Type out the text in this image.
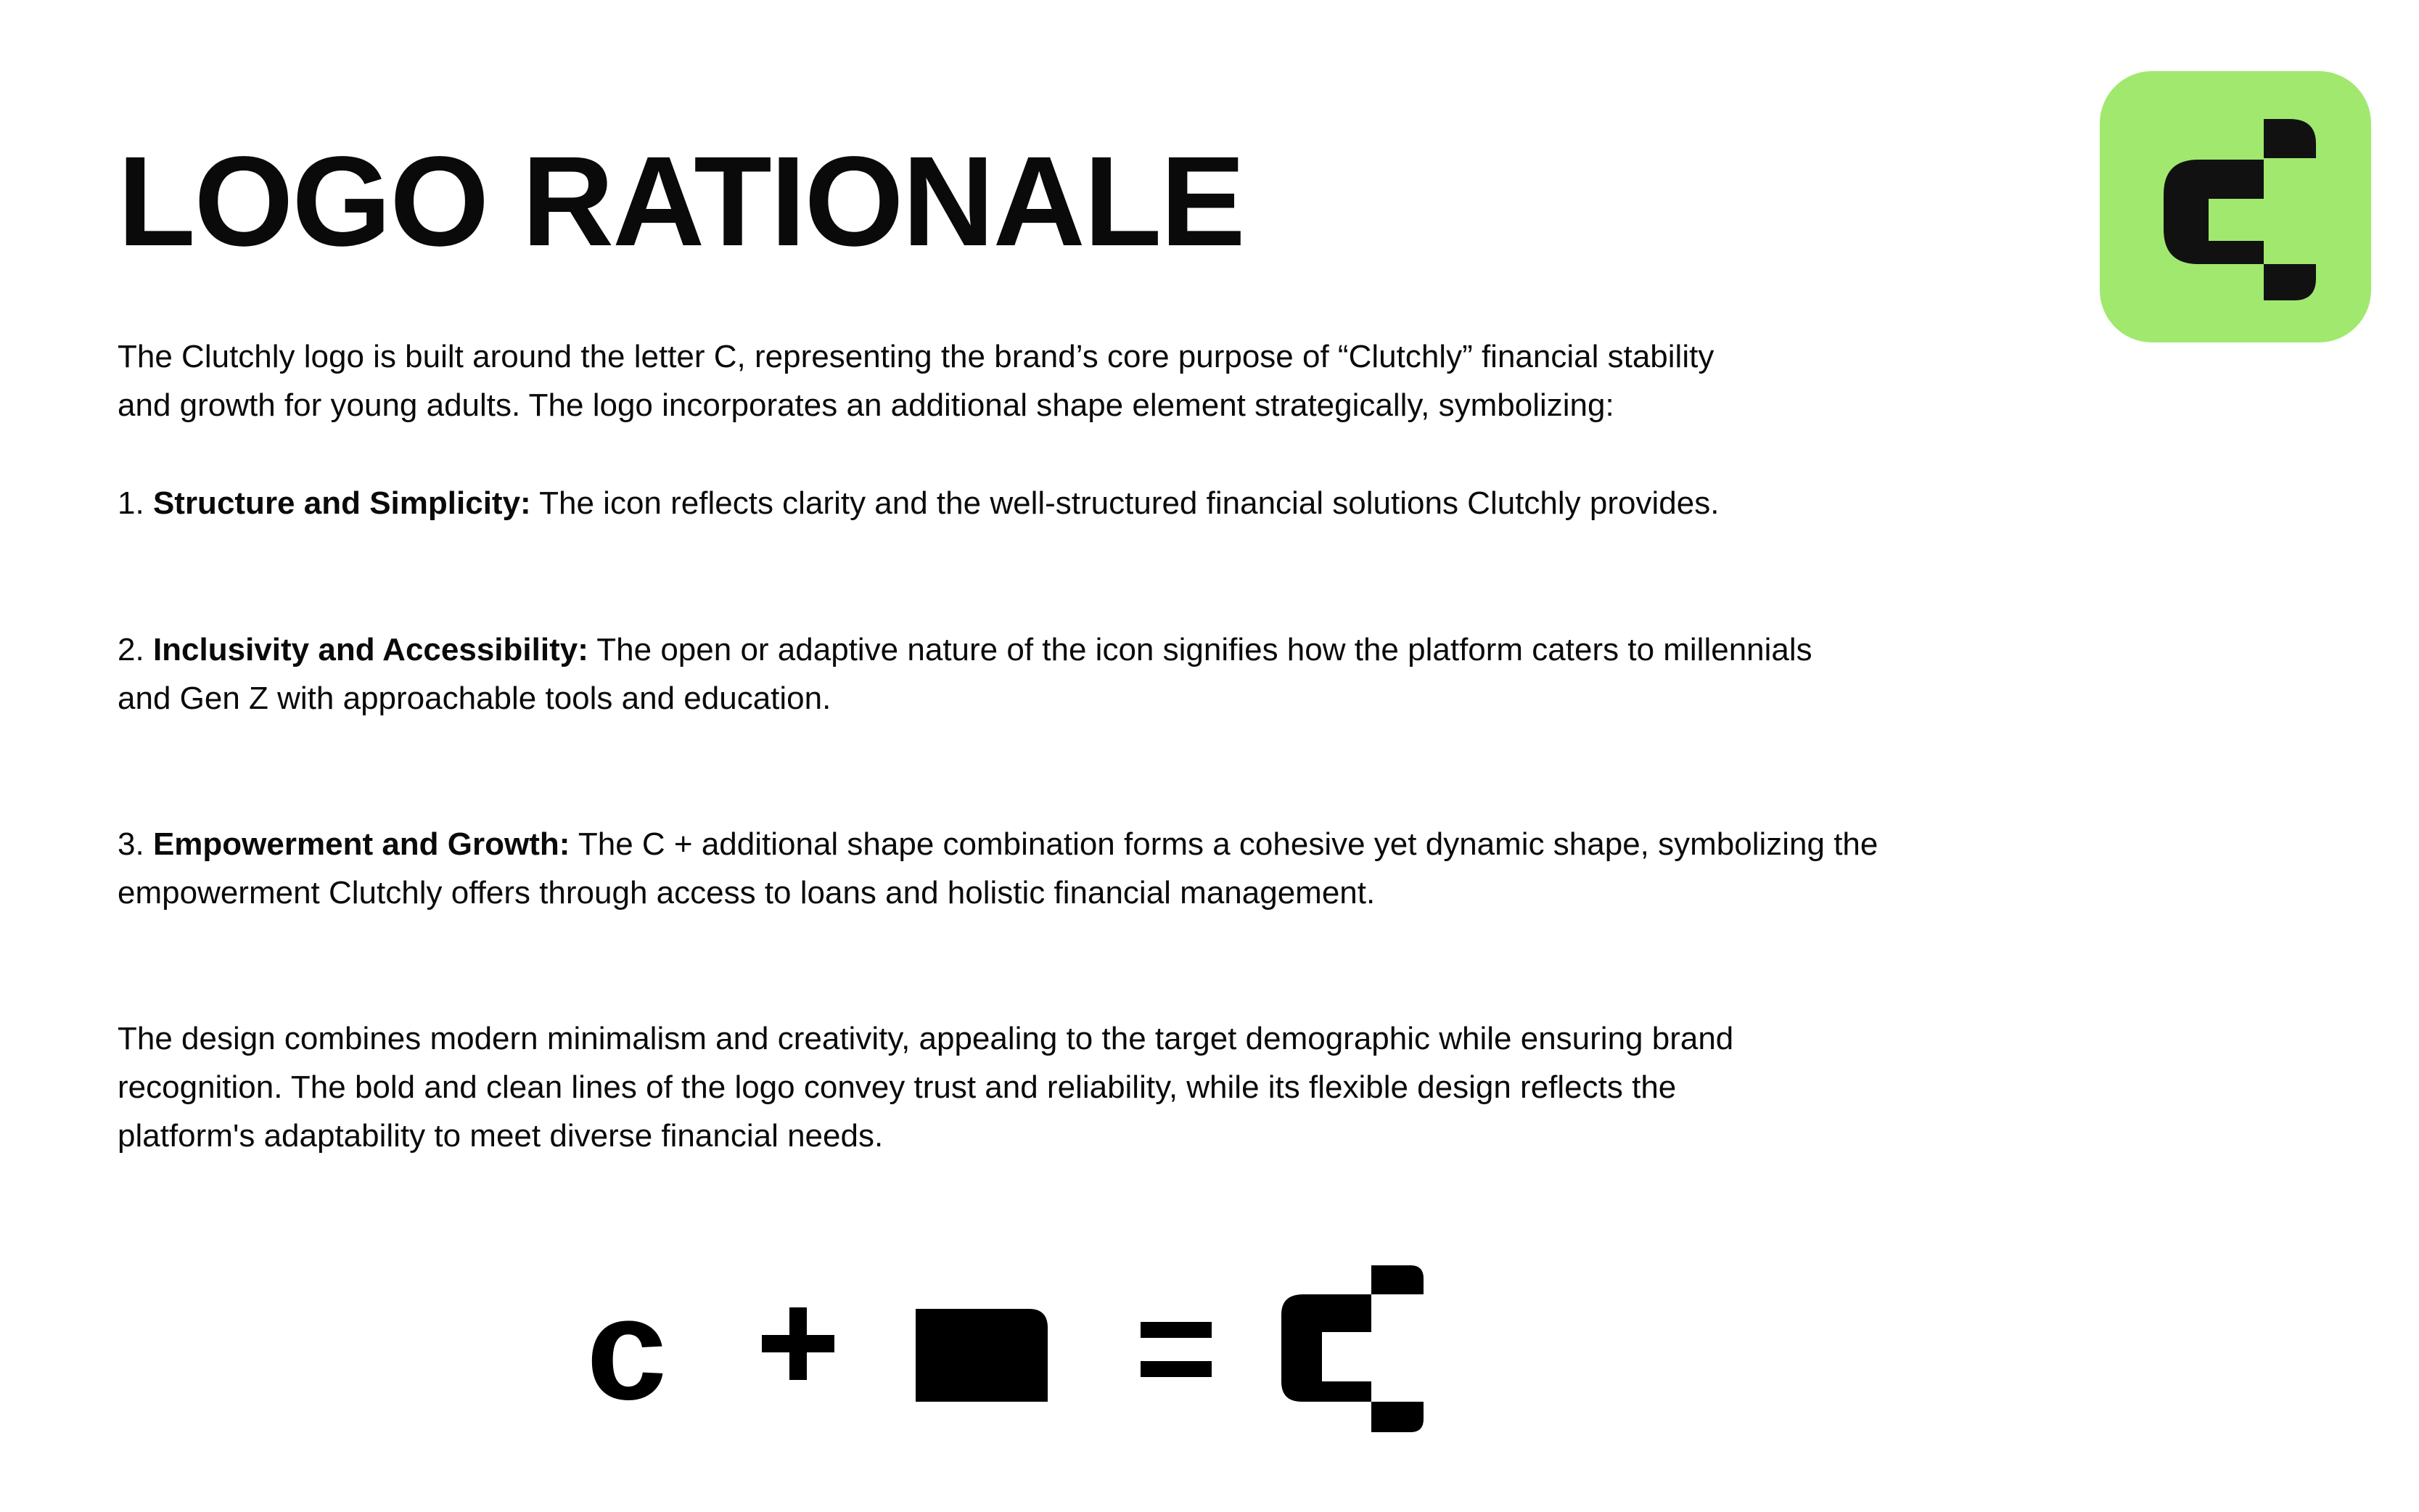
LOGO RATIONALE

The Clutchly logo is built around the letter C, representing the brand’s core purpose of “Clutchly” financial stability
and growth for young adults. The logo incorporates an additional shape element strategically, symbolizing:

1. Structure and Simplicity: The icon reflects clarity and the well-structured financial solutions Clutchly provides.

2. Inclusivity and Accessibility: The open or adaptive nature of the icon signifies how the platform caters to millennials
and Gen Z with approachable tools and education.

3. Empowerment and Growth: The C + additional shape combination forms a cohesive yet dynamic shape, symbolizing the
empowerment Clutchly offers through access to loans and holistic financial management.

The design combines modern minimalism and creativity, appealing to the target demographic while ensuring brand
recognition. The bold and clean lines of the logo convey trust and reliability, while its flexible design reflects the
platform's adaptability to meet diverse financial needs.

c
